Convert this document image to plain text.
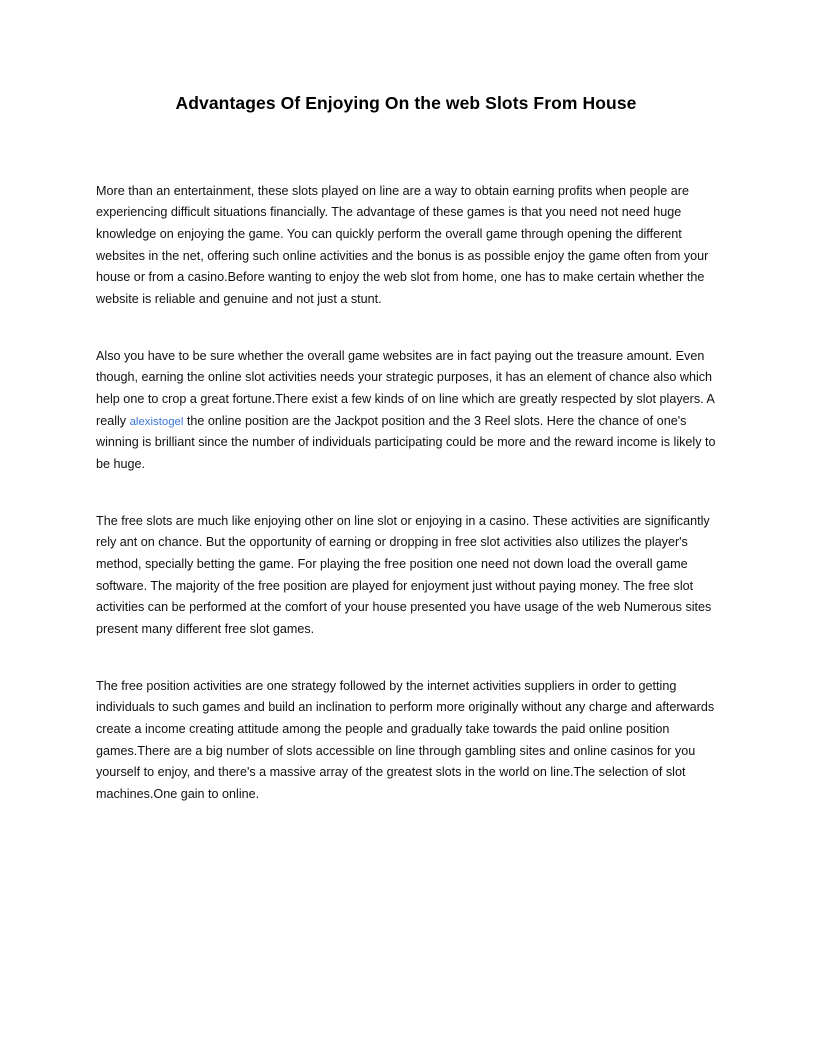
Advantages Of Enjoying On the web Slots From House

More than an entertainment, these slots played on line are a way to obtain earning profits when people are experiencing difficult situations financially. The advantage of these games is that you need not need huge knowledge on enjoying the game. You can quickly perform the overall game through opening the different websites in the net, offering such online activities and the bonus is as possible enjoy the game often from your house or from a casino.Before wanting to enjoy the web slot from home, one has to make certain whether the website is reliable and genuine and not just a stunt.

Also you have to be sure whether the overall game websites are in fact paying out the treasure amount. Even though, earning the online slot activities needs your strategic purposes, it has an element of chance also which help one to crop a great fortune.There exist a few kinds of on line which are greatly respected by slot players. A really alexistogel the online position are the Jackpot position and the 3 Reel slots. Here the chance of one's winning is brilliant since the number of individuals participating could be more and the reward income is likely to be huge.

The free slots are much like enjoying other on line slot or enjoying in a casino. These activities are significantly rely ant on chance. But the opportunity of earning or dropping in free slot activities also utilizes the player's method, specially betting the game. For playing the free position one need not down load the overall game software. The majority of the free position are played for enjoyment just without paying money. The free slot activities can be performed at the comfort of your house presented you have usage of the web Numerous sites present many different free slot games.

The free position activities are one strategy followed by the internet activities suppliers in order to getting individuals to such games and build an inclination to perform more originally without any charge and afterwards create a income creating attitude among the people and gradually take towards the paid online position games.There are a big number of slots accessible on line through gambling sites and online casinos for you yourself to enjoy, and there's a massive array of the greatest slots in the world on line.The selection of slot machines.One gain to online.
